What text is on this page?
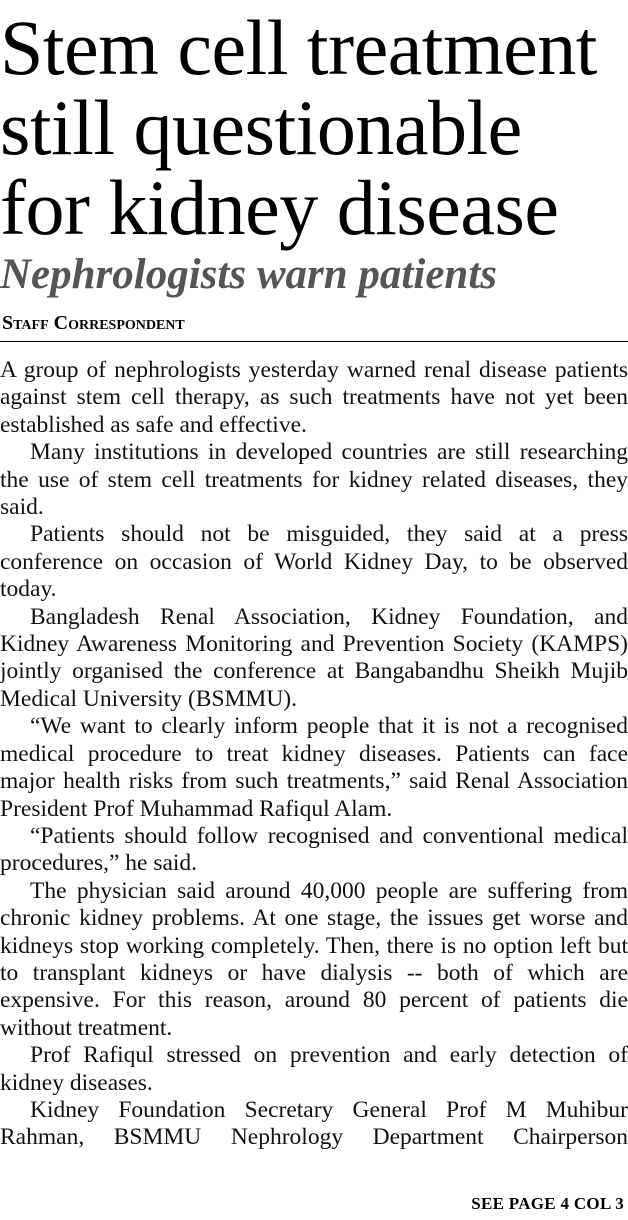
Stem cell treatment still questionable for kidney disease
Nephrologists warn patients
Staff Correspondent

A group of nephrologists yesterday warned renal disease patients against stem cell therapy, as such treatments have not yet been established as safe and effective.

Many institutions in developed countries are still researching the use of stem cell treatments for kidney related diseases, they said.

Patients should not be misguided, they said at a press conference on occasion of World Kidney Day, to be observed today.

Bangladesh Renal Association, Kidney Foundation, and Kidney Awareness Monitoring and Prevention Society (KAMPS) jointly organised the conference at Bangabandhu Sheikh Mujib Medical University (BSMMU).

“We want to clearly inform people that it is not a recognised medical procedure to treat kidney diseases. Patients can face major health risks from such treatments,” said Renal Association President Prof Muhammad Rafiqul Alam.

“Patients should follow recognised and conventional medical procedures,” he said.

The physician said around 40,000 people are suffering from chronic kidney problems. At one stage, the issues get worse and kidneys stop working completely. Then, there is no option left but to transplant kidneys or have dialysis -- both of which are expensive. For this reason, around 80 percent of patients die without treatment.

Prof Rafiqul stressed on prevention and early detection of kidney diseases.

Kidney Foundation Secretary General Prof M Muhibur Rahman, BSMMU Nephrology Department Chairperson

SEE PAGE 4 COL 3
